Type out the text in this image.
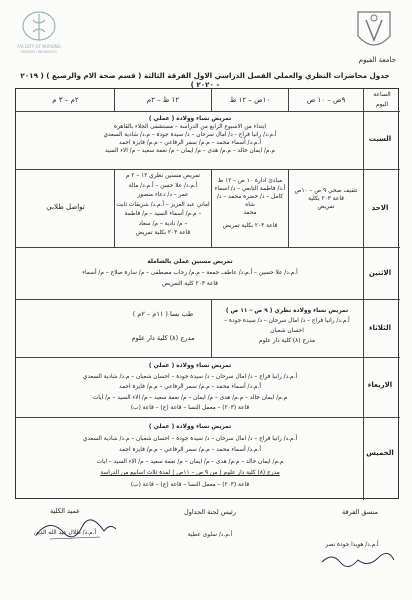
FACULTY OF NURSING
FAYOUM UNIVERSITY
جامعة الفيوم
جدول محاضرات النظري والعملي الفصل الدراسي الاول الفرقة الثالثة ( قسم صحة الام والرضيع ) ( ٢٠١٩ - ٢٠٢٠ )
الساعة
اليوم
٩ص – ١٠ ص
١٠ص – ١٢ ظ
١٢ ظ – ٢م
٢م – ٣ م
السبت
تمريض نساء وولادة ( عملي )
ابتداء من الاسبوع الرابع من الدراسة – مستشفى الجلاء بالقاهرة
أ.م.د/ رانيا فراج - د/ امال سرحان – د/ سيدة جودة – م.د/ شادية السعدي
أ.م.د/ أسماء محمد – م.م/ سمر الرفاعي – م.م/ فايزة احمد
م.م/ ايمان خالد – م.م/ هدى – م/ ايمان – م/ نعمة سعيد – م/ الاء السيد
الاحد
تثقيف صحي ٩ ص – ١٠ص
قاعة ٢٠٣ بكلية
تمريض
مبادئ ادارة ١٠ ص – ١٢ ظ
أ.د/ فاطمة التابعي – د/ اسماء
كامل – د/ خضرة محمد – د/ شاه
محمد
قاعة ٢٠٣ بكلية تمريض
تمريض مسنين نظري ١٢ – ٢ م
أ.م.د/ علا حسن – أ.م.د/ مالة
عمر – د/ دعاء منصور
اماني عبد العزيز – أ.م.د/ شريفات ثابت
– م.م/ أسماء السيد – م/ فاطمة
– م/ نادية – م/ سعاد
قاعة ٢٠٣ بكلية تمريض
تواصل طلابي
الاثنين
تمريض مسنين عملي بالشاملة
أ.م.د/ علا حسين – أ.م.د/ عاطف جمعة – م.م/ رحاب مصطفى – م/ سارة صلاح – م/ أسماء
قاعة ٢٠٣ كلية التمريض
الثلاثاء
تمريض نساء وولادة نظري ( ٩ ص – ١١ ص )
أ.م.د/ رانيا فراج – د/ امال سرحان – د/ سيدة جودة –
احسان شعبان
مدرج (٨) كلية دار علوم
طب نسا ( ١١م – ٢م )

مدرج (٨) كلية دار علوم
الاربعاء
تمريض نساء وولادة ( عملي )
أ.م.د/ رانيا فراج – د/ امال سرحان – د/ سيدة جودة – احسان شعبان – م.د/ شادية السعدي
أ.م.د/ أسماء محمد – م.م/ سمر الرفاعي – م.م/ فايزة احمد
م.م/ ايمان خالد – م.م/ هدى – م/ ايمان – م/ نعمة سعيد – م/ الاء السيد – م/ ايات
قاعة (٢٠٣) – معمل النسا – قاعة (ج) – قاعة (ب)
الخميس
تمريض نساء وولادة ( عملي )
أ.م.د/ رانيا فراج – د/ امال سرحان – د/ سيدة جودة – احسان شعبان – م.د/ شادية السعدي
أ.م.د/ أسماء محمد – م.م/ سمر الرفاعي – م.م/ فايزة احمد
م.م/ ايمان خالد – م.م/ هدى – م/ ايمان – م/ نعمة سعيد – م/ الاء السيد – ايات
مدرج (٨) كلية دار علوم ( من ٩ ص – ١١ص ) لمدة ثلاث اسابيع من الدراسة
قاعة (٢٠٣) – معمل النسا – قاعة (ج) – قاعة (ب)
منسق الفرقة
أ.م.د/ هويدا جودة نصر
رئيس لجنة الجداول
أ.م.د/ سلوى عطية
عميد الكلية
أ.م.د/ طلال عبد الله الدين
